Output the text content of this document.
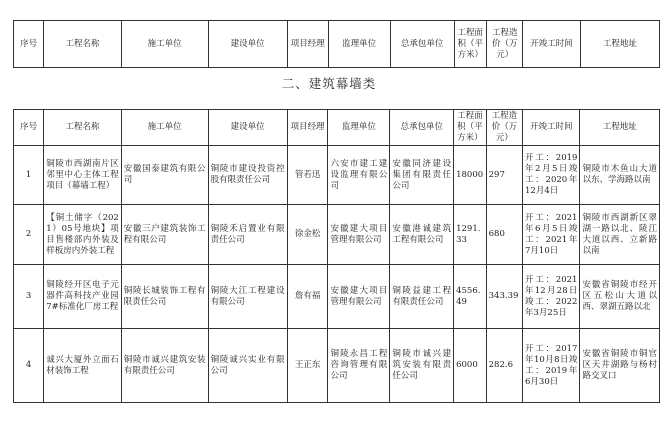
序号	工程名称	施工单位	建设单位	项目经理	监理单位	总承包单位	工程面积（平方米）	工程造价（万元）	开竣工时间	工程地址
二、建筑幕墙类
序号	工程名称	施工单位	建设单位	项目经理	监理单位	总承包单位	工程面积（平方米）	工程造价（万元）	开竣工时间	工程地址
1	铜陵市西湖南片区邻里中心主体工程项目（幕墙工程）	安徽国泰建筑有限公司	铜陵市建设投资控股有限责任公司	管若迅	六安市建工建设监理有限公司	安徽同济建设集团有限责任公司	18000	297	开工：2019年2月5日竣工：2020年12月4日	铜陵市木鱼山大道以东、学海路以南
2	【铜土储字（2021）05号地块】项目售楼部内外装及样板房内外装工程	安徽三户建筑装饰工程有限公司	铜陵禾启置业有限责任公司	徐金松	安徽建大项目管理有限公司	安徽港诚建筑工程有限公司	1291.33	680	开工：2021年6月5日竣工：2021年7月10日	铜陵市西湖新区翠湖一路以北、陵江大道以西、立新路以南
3	铜陵经开区电子元器件高科技产业园7#标准化厂房工程	铜陵长城装饰工程有限责任公司	铜陵大江工程建设有限公司	詹有福	安徽建大项目管理有限公司	铜陵益建工程有限责任公司	4556.49	343.39	开工：2021年12月28日竣工：2022年3月25日	安徽省铜陵市经开区五松山大道以西、翠湖五路以北
4	诚兴大厦外立面石材装饰工程	铜陵市诚兴建筑安装有限责任公司	铜陵诚兴实业有限公司	王正东	铜陵永昌工程咨询管理有限公司	铜陵市诚兴建筑安装有限责任公司	6000	282.6	开工：2017年10月8日竣工：2019年6月30日	安徽省铜陵市铜官区天井湖路与杨村路交叉口
